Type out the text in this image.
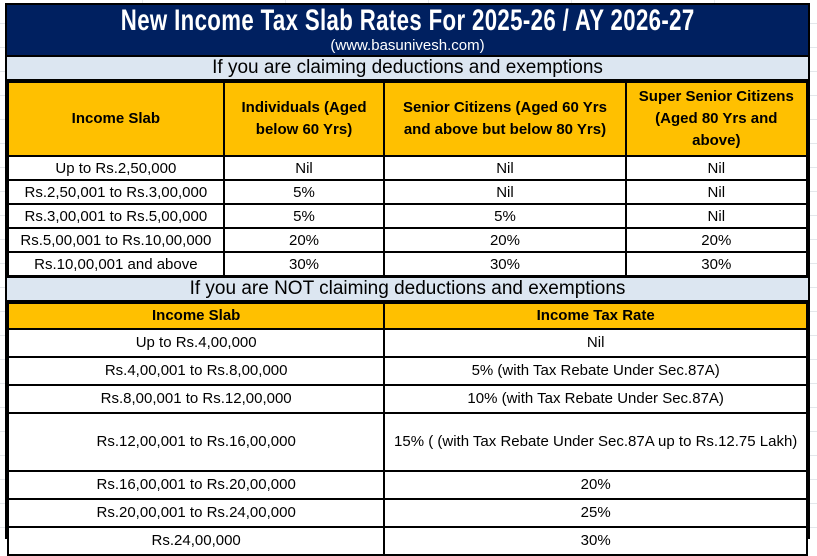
New Income Tax Slab Rates For 2025-26 / AY 2026-27
(www.basunivesh.com)
If you are claiming deductions and exemptions
Income Slab	Individuals (Aged below 60 Yrs)	Senior Citizens (Aged 60 Yrs and above but below 80 Yrs)	Super Senior Citizens (Aged 80 Yrs and above)
Up to Rs.2,50,000	Nil	Nil	Nil
Rs.2,50,001 to Rs.3,00,000	5%	Nil	Nil
Rs.3,00,001 to Rs.5,00,000	5%	5%	Nil
Rs.5,00,001 to Rs.10,00,000	20%	20%	20%
Rs.10,00,001 and above	30%	30%	30%
If you are NOT claiming deductions and exemptions
Income Slab	Income Tax Rate
Up to Rs.4,00,000	Nil
Rs.4,00,001 to Rs.8,00,000	5% (with Tax Rebate Under Sec.87A)
Rs.8,00,001 to Rs.12,00,000	10% (with Tax Rebate Under Sec.87A)
Rs.12,00,001 to Rs.16,00,000	15% ( (with Tax Rebate Under Sec.87A up to Rs.12.75 Lakh)
Rs.16,00,001 to Rs.20,00,000	20%
Rs.20,00,001 to Rs.24,00,000	25%
Rs.24,00,000	30%
